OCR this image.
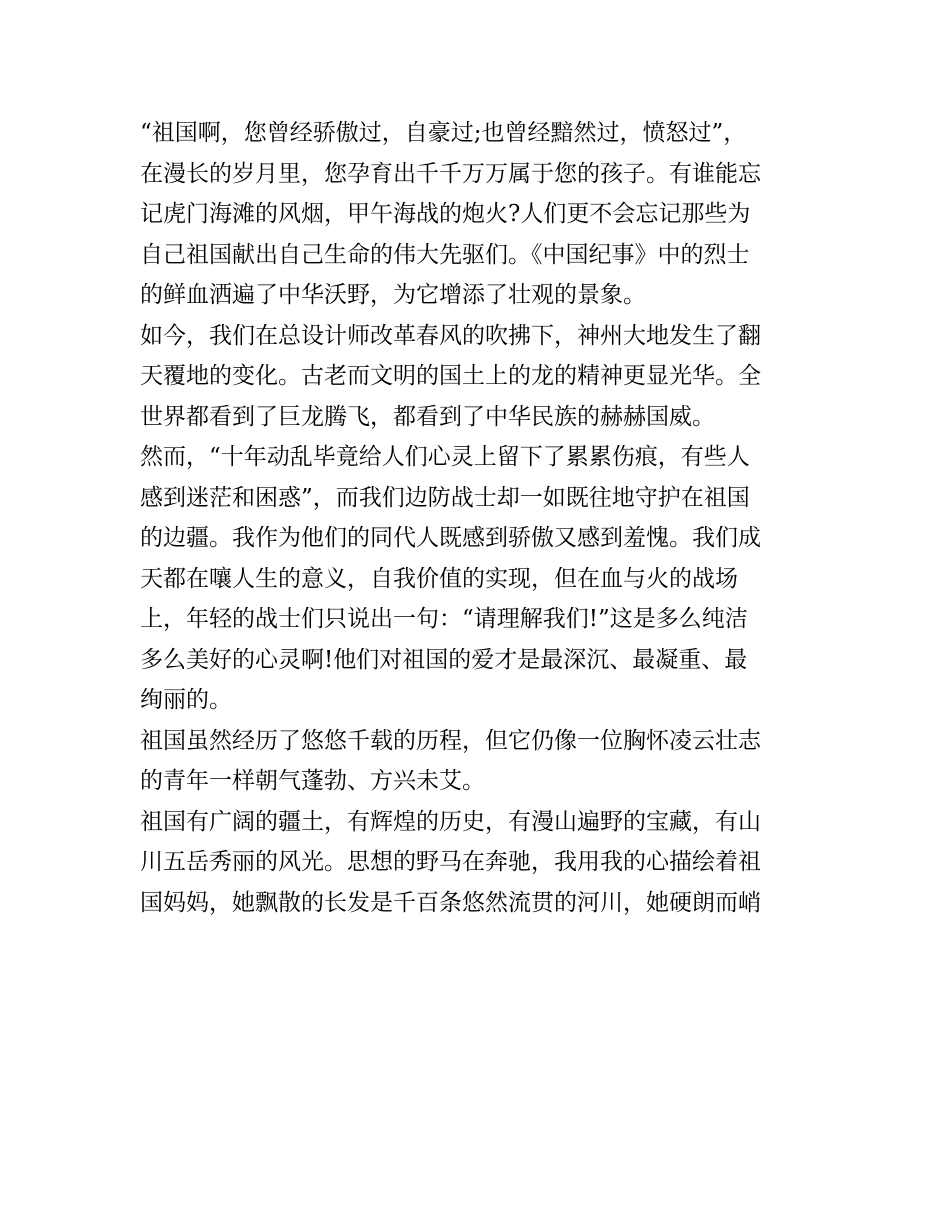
“祖国啊，您曾经骄傲过，自豪过;也曾经黯然过，愤怒过”，
在漫长的岁月里，您孕育出千千万万属于您的孩子。有谁能忘
记虎门海滩的风烟，甲午海战的炮火?人们更不会忘记那些为
自己祖国献出自己生命的伟大先驱们。《中国纪事》中的烈士
的鲜血洒遍了中华沃野，为它增添了壮观的景象。
如今，我们在总设计师改革春风的吹拂下，神州大地发生了翻
天覆地的变化。古老而文明的国土上的龙的精神更显光华。全
世界都看到了巨龙腾飞，都看到了中华民族的赫赫国威。
然而，“十年动乱毕竟给人们心灵上留下了累累伤痕，有些人
感到迷茫和困惑”，而我们边防战士却一如既往地守护在祖国
的边疆。我作为他们的同代人既感到骄傲又感到羞愧。我们成
天都在嚷人生的意义，自我价值的实现，但在血与火的战场
上，年轻的战士们只说出一句：“请理解我们!”这是多么纯洁
多么美好的心灵啊!他们对祖国的爱才是最深沉、最凝重、最
绚丽的。
祖国虽然经历了悠悠千载的历程，但它仍像一位胸怀凌云壮志
的青年一样朝气蓬勃、方兴未艾。
祖国有广阔的疆土，有辉煌的历史，有漫山遍野的宝藏，有山
川五岳秀丽的风光。思想的野马在奔驰，我用我的心描绘着祖
国妈妈，她飘散的长发是千百条悠然流贯的河川，她硬朗而峭
